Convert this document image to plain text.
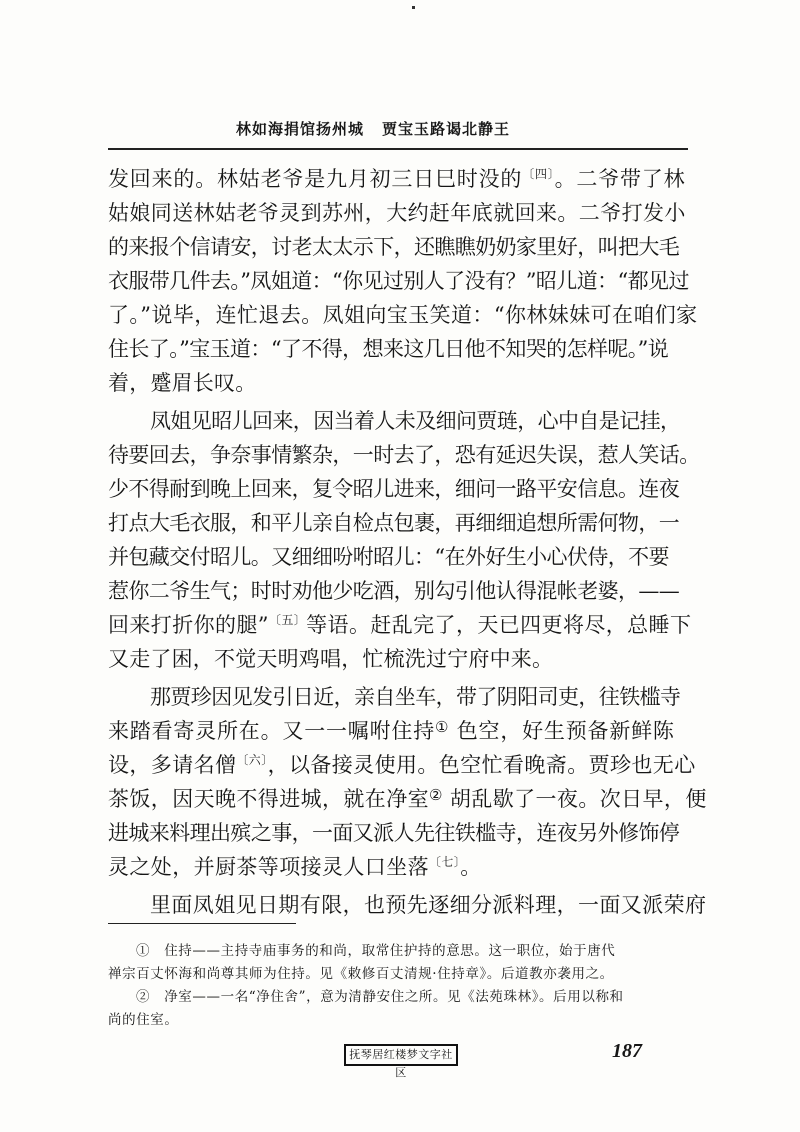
林如海捐馆扬州城 贾宝玉路谒北静王
发回来的。林姑老爷是九月初三日巳时没的$^{〔四〕}$。二爷带了林
姑娘同送林姑老爷灵到苏州，大约赶年底就回来。二爷打发小
的来报个信请安，讨老太太示下，还瞧瞧奶奶家里好，叫把大毛
衣服带几件去。”凤姐道：“你见过别人了没有？”昭儿道：“都见过
了。”说毕，连忙退去。凤姐向宝玉笑道：“你林妹妹可在咱们家
住长了。”宝玉道：“了不得，想来这几日他不知哭的怎样呢。”说
着，蹙眉长叹。
凤姐见昭儿回来，因当着人未及细问贾琏，心中自是记挂，
待要回去，争奈事情繁杂，一时去了，恐有延迟失误，惹人笑话。
少不得耐到晚上回来，复令昭儿进来，细问一路平安信息。连夜
打点大毛衣服，和平儿亲自检点包裹，再细细追想所需何物，一
并包藏交付昭儿。又细细吩咐昭儿：“在外好生小心伏侍，不要
惹你二爷生气；时时劝他少吃酒，别勾引他认得混帐老婆，——
回来打折你的腿”$^{〔五〕}$等语。赶乱完了，天已四更将尽，总睡下
又走了困，不觉天明鸡唱，忙梳洗过宁府中来。
那贾珍因见发引日近，亲自坐车，带了阴阳司吏，往铁槛寺
来踏看寄灵所在。又一一嘱咐住持① 色空，好生预备新鲜陈
设，多请名僧$^{〔六〕}$，以备接灵使用。色空忙看晚斋。贾珍也无心
茶饭，因天晚不得进城，就在净室② 胡乱歇了一夜。次日早，便
进城来料理出殡之事，一面又派人先往铁槛寺，连夜另外修饰停
灵之处，并厨茶等项接灵人口坐落$^{〔七〕}$。
里面凤姐见日期有限，也预先逐细分派料理，一面又派荣府
①　住持——主持寺庙事务的和尚，取常住护持的意思。这一职位，始于唐代
禅宗百丈怀海和尚尊其师为住持。见《敕修百丈清规·住持章》。后道教亦袭用之。
②　净室——一名“净住舍”，意为清静安住之所。见《法苑珠林》。后用以称和
尚的住室。
抚琴居红楼梦文字社区
187
